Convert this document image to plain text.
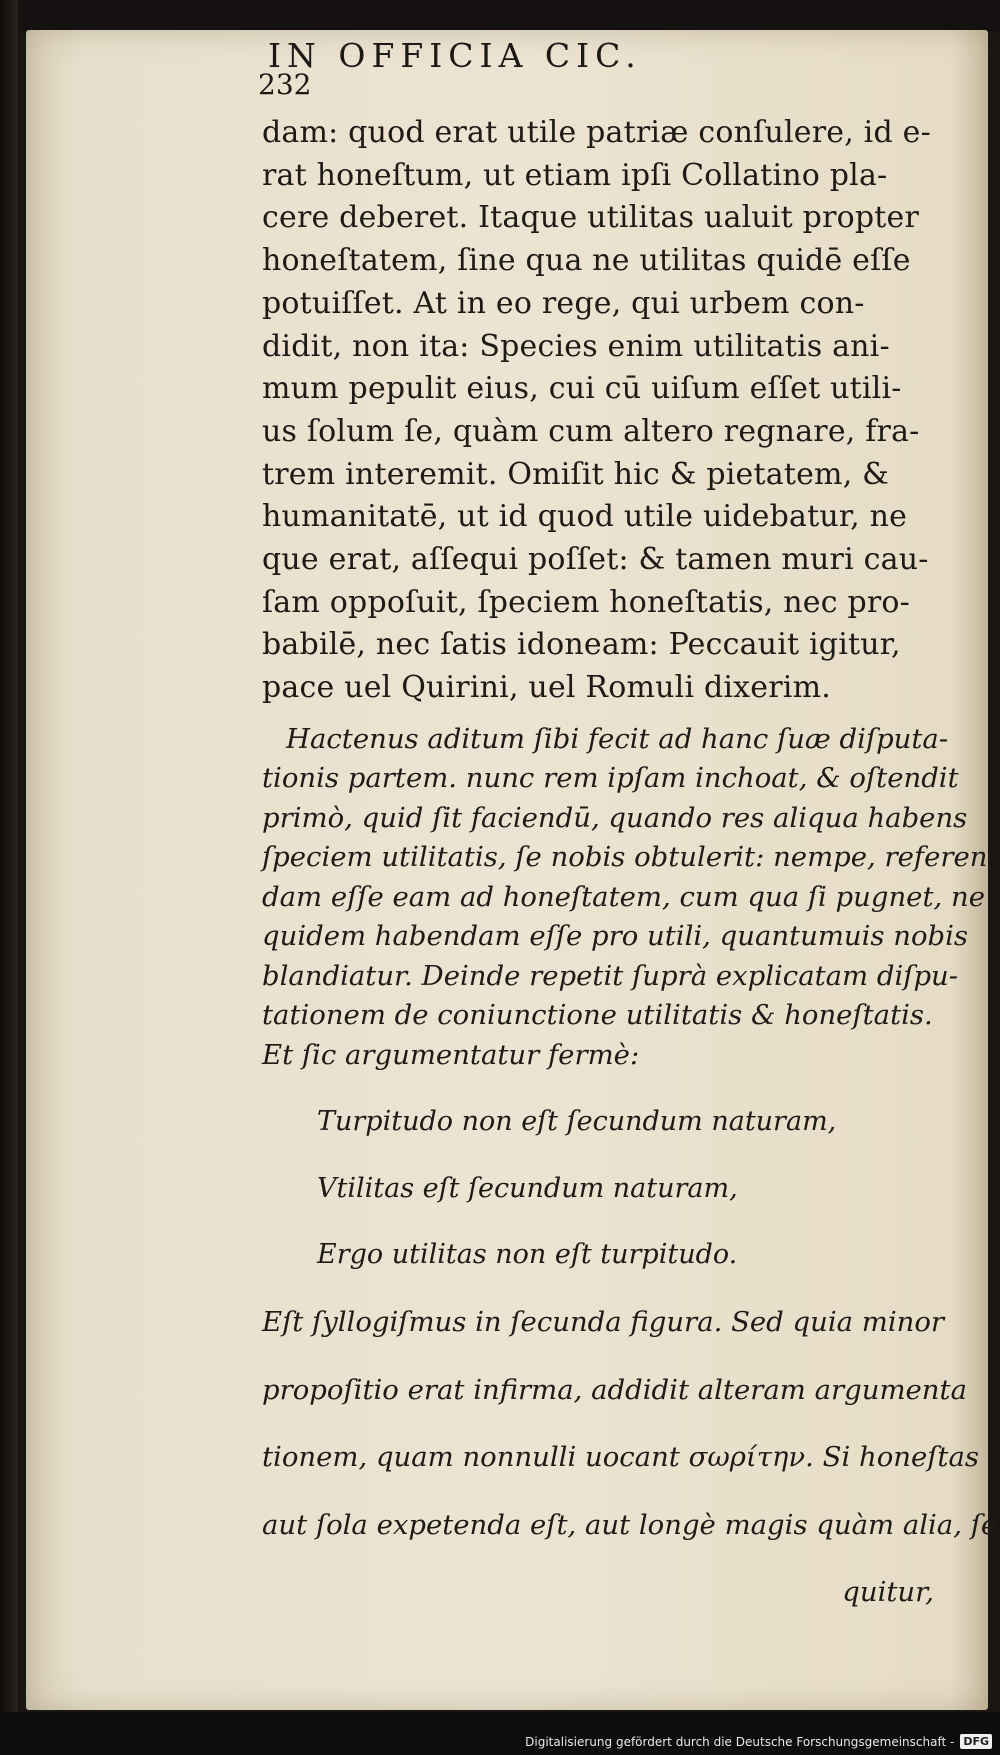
232
IN OFFICIA CIC.

dam: quod erat utile patriæ conſulere, id e-

rat honeſtum, ut etiam ipſi Collatino pla-

cere deberet. Itaque utilitas ualuit propter

honeſtatem, ſine qua ne utilitas quidē eſſe

potuiſſet. At in eo rege, qui urbem con-

didit, non ita: Species enim utilitatis ani-

mum pepulit eius, cui cū uiſum eſſet utili-

us ſolum ſe, quàm cum altero regnare, fra-

trem interemit. Omiſit hic & pietatem, &

humanitatē, ut id quod utile uidebatur, ne

que erat, aſſequi poſſet: & tamen muri cau-

ſam oppoſuit, ſpeciem honeſtatis, nec pro-

babilē, nec ſatis idoneam: Peccauit igitur,

pace uel Quirini, uel Romuli dixerim.

Hactenus aditum ſibi fecit ad hanc ſuæ diſputa-

tionis partem. nunc rem ipſam inchoat, & oſtendit

primò, quid ſit faciendū, quando res aliqua habens

ſpeciem utilitatis, ſe nobis obtulerit: nempe, referen

dam eſſe eam ad honeſtatem, cum qua ſi pugnet, ne

quidem habendam eſſe pro utili, quantumuis nobis

blandiatur. Deinde repetit ſuprà explicatam diſpu-

tationem de coniunctione utilitatis & honeſtatis.

Et ſic argumentatur fermè:

Turpitudo non eſt ſecundum naturam,

Vtilitas eſt ſecundum naturam,

Ergo utilitas non eſt turpitudo.

Eſt ſyllogiſmus in ſecunda figura. Sed quia minor

propoſitio erat infirma, addidit alteram argumenta

tionem, quam nonnulli uocant σωρίτην. Si honeſtas

aut ſola expetenda eſt, aut longè magis quàm alia, ſe

quitur,
Digitalisierung gefördert durch die Deutsche Forschungsgemeinschaft - DFG
